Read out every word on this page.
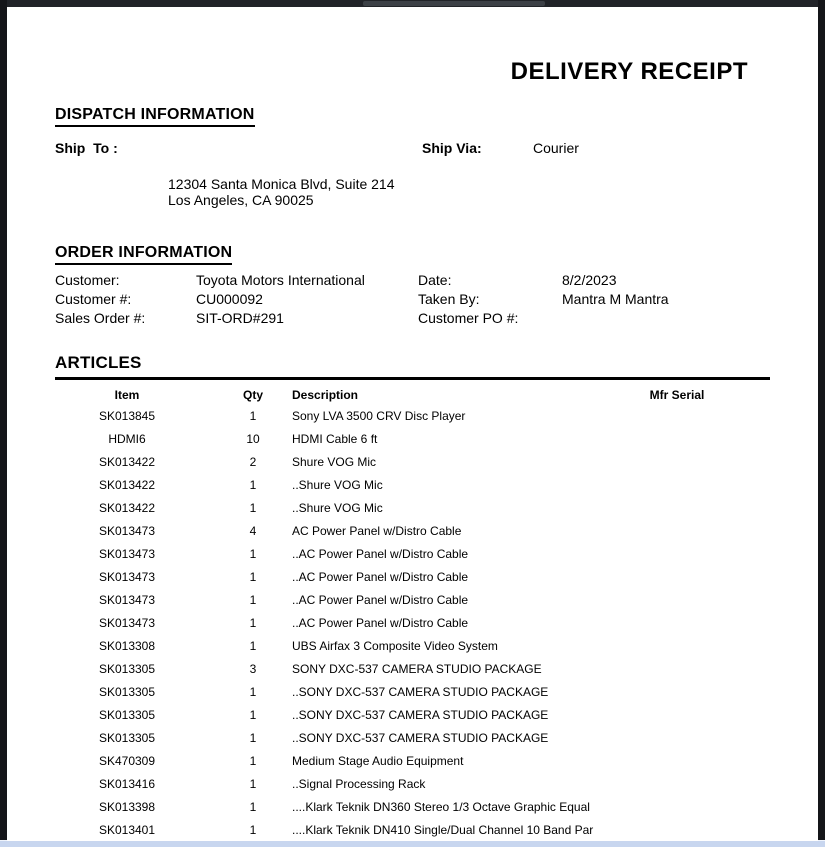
DELIVERY RECEIPT
DISPATCH INFORMATION
Ship  To :	Ship Via:	Courier
12304 Santa Monica Blvd, Suite 214
Los Angeles, CA 90025
ORDER INFORMATION
Customer:	Toyota Motors International	Date:	8/2/2023
Customer #:	CU000092	Taken By:	Mantra M Mantra
Sales Order #:	SIT-ORD#291	Customer PO #:
ARTICLES
Item	Qty	Description	Mfr Serial
SK013845	1	Sony LVA 3500 CRV Disc Player
HDMI6	10	HDMI Cable 6 ft
SK013422	2	Shure VOG Mic
SK013422	1	..Shure VOG Mic
SK013422	1	..Shure VOG Mic
SK013473	4	AC Power Panel w/Distro Cable
SK013473	1	..AC Power Panel w/Distro Cable
SK013473	1	..AC Power Panel w/Distro Cable
SK013473	1	..AC Power Panel w/Distro Cable
SK013473	1	..AC Power Panel w/Distro Cable
SK013308	1	UBS Airfax 3 Composite Video System
SK013305	3	SONY DXC-537 CAMERA STUDIO PACKAGE
SK013305	1	..SONY DXC-537 CAMERA STUDIO PACKAGE
SK013305	1	..SONY DXC-537 CAMERA STUDIO PACKAGE
SK013305	1	..SONY DXC-537 CAMERA STUDIO PACKAGE
SK470309	1	Medium Stage Audio Equipment
SK013416	1	..Signal Processing Rack
SK013398	1	....Klark Teknik DN360 Stereo 1/3 Octave Graphic Equal
SK013401	1	....Klark Teknik DN410 Single/Dual Channel 10 Band Par
